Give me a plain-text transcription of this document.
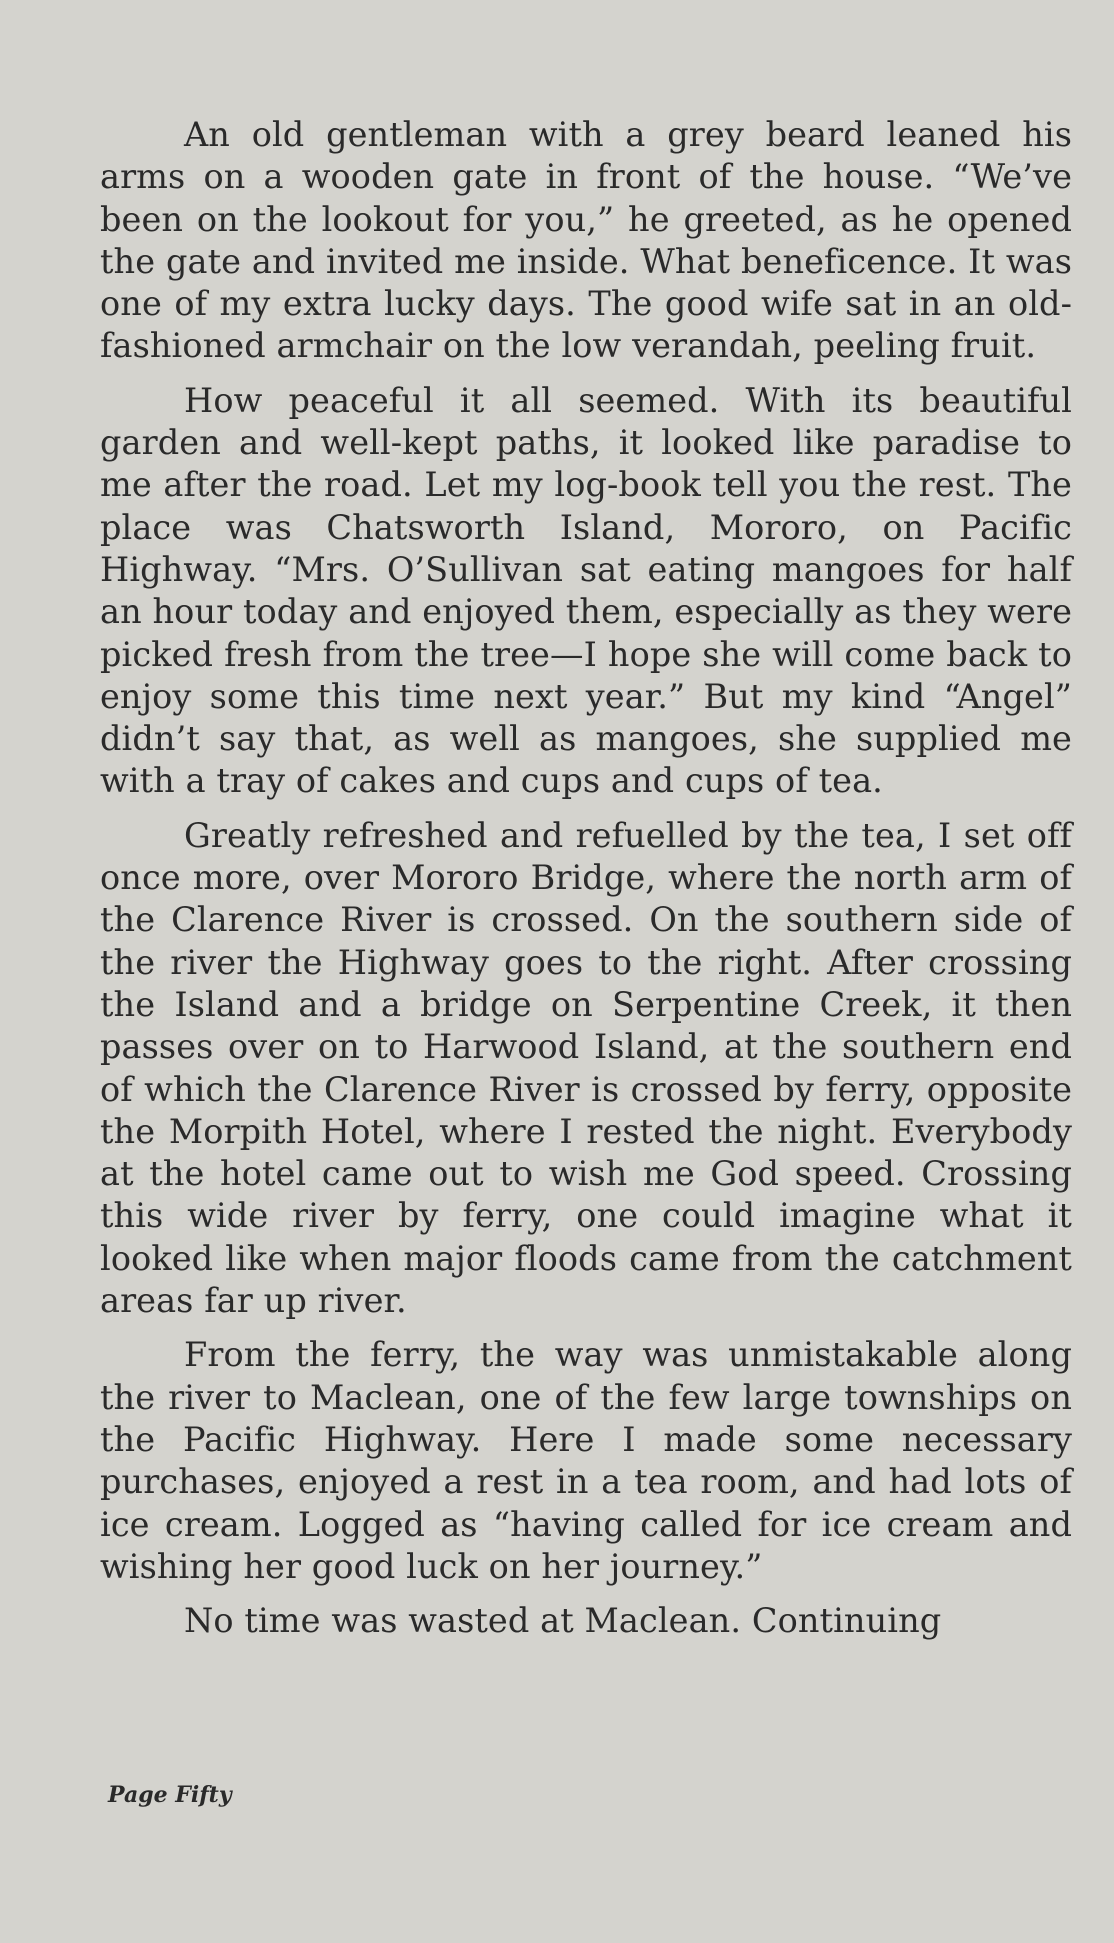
An old gentleman with a grey beard leaned his arms on a wooden gate in front of the house. “We’ve been on the lookout for you,” he greeted, as he opened the gate and invited me inside. What beneficence. It was one of my extra lucky days. The good wife sat in an old-fashioned armchair on the low verandah, peeling fruit.

How peaceful it all seemed. With its beautiful garden and well-kept paths, it looked like paradise to me after the road. Let my log-book tell you the rest. The place was Chatsworth Island, Mororo, on Pacific Highway. “Mrs. O’Sullivan sat eating mangoes for half an hour today and enjoyed them, especially as they were picked fresh from the tree—I hope she will come back to enjoy some this time next year.” But my kind “Angel” didn’t say that, as well as mangoes, she supplied me with a tray of cakes and cups and cups of tea.

Greatly refreshed and refuelled by the tea, I set off once more, over Mororo Bridge, where the north arm of the Clarence River is crossed. On the southern side of the river the Highway goes to the right. After crossing the Island and a bridge on Serpentine Creek, it then passes over on to Harwood Island, at the southern end of which the Clarence River is crossed by ferry, opposite the Morpith Hotel, where I rested the night. Everybody at the hotel came out to wish me God speed. Crossing this wide river by ferry, one could imagine what it looked like when major floods came from the catchment areas far up river.

From the ferry, the way was unmistakable along the river to Maclean, one of the few large townships on the Pacific Highway. Here I made some necessary purchases, enjoyed a rest in a tea room, and had lots of ice cream. Logged as “having called for ice cream and wishing her good luck on her journey.”

No time was wasted at Maclean. Continuing

Page Fifty
